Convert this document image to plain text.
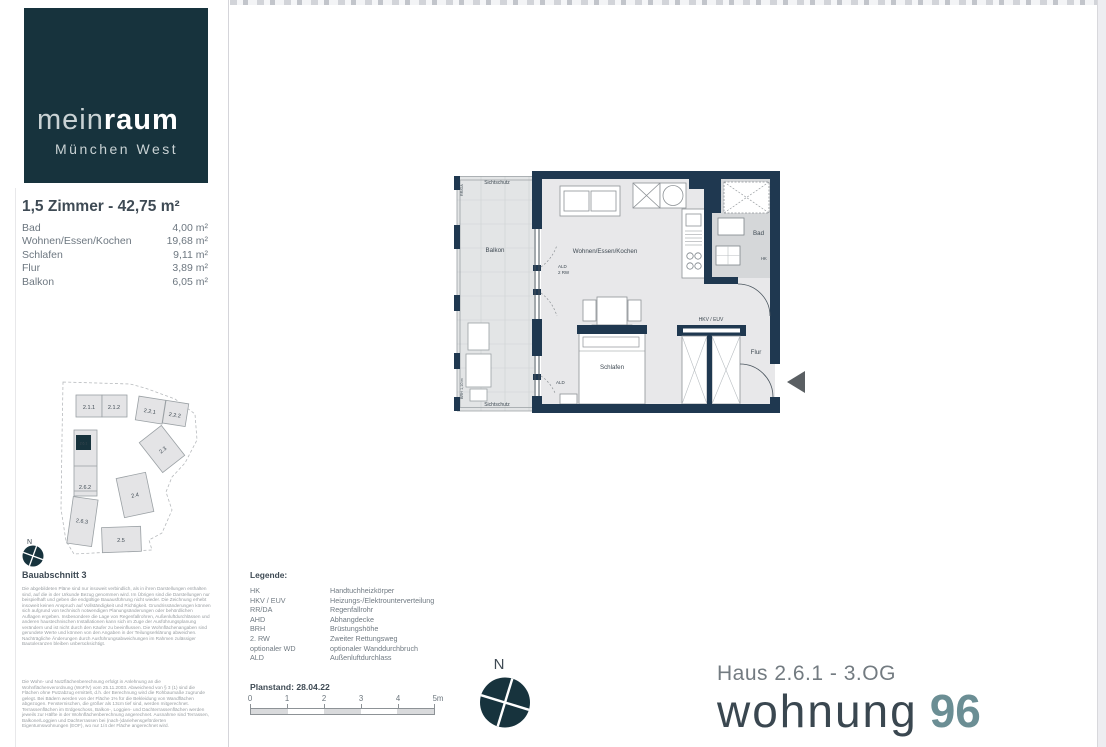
meinraum
München West
1,5 Zimmer - 42,75 m²
Bad	4,00 m²
Wohnen/Essen/Kochen	19,68 m²
Schlafen	9,11 m²
Flur	3,89 m²
Balkon	6,05 m²
2.1.1 2.1.2
2.2.1 2.2.2
2.3
2.4
2.5
2.6.2
2.6.3
2.6.1
N
Bauabschnitt 3

Die abgebildeten Pläne sind nur insoweit verbindlich, als in ihren Darstellungen enthalten sind, auf die in der Urkunde Bezug genommen wird. Im Übrigen sind die Darstellungen nur beispielhaft und geben die endgültige Bauausführung nicht wieder. Die Zeichnung erhebt insoweit keinen Anspruch auf Vollständigkeit und Richtigkeit. Grundrissänderungen können sich aufgrund von technisch notwendigen Planungsänderungen oder behördlichen Auflagen ergeben. Insbesondere die Lage von Regenfallrohren, Außenluftdurchlässen und anderen haustechnischen Installationen kann sich im Zuge der Ausführungsplanung verändern und ist nicht durch den Käufer zu beeinflussen. Die Wohnflächenangaben sind gerundete Werte und können von den Angaben in der Teilungserklärung abweichen. Nachträgliche Änderungen durch Ausführungsabweichungen im Rahmen zulässiger Bautoleranzen bleiben unberücksichtigt.

Die Wohn- und Nutzflächenberechnung erfolgt in Anlehnung an die Wohnflächenverordnung (WoFlV) vom 25.11.2003. Abweichend von § 3 (1) sind die Flächen ohne Putzabzug ermittelt, d.h. der Berechnung wird die Rohbaumaße zugrunde gelegt. Bei Bädern werden von der Fläche 1% für die Bekleidung von Wandflächen abgezogen. Fensternischen, die größer als 13cm tief sind, werden mitgerechnet. Terrassenflächen im Erdgeschoss, Balkon-, Loggien- und Dachterrassenflächen werden jeweils zur Hälfte in der Wohnflächenberechnung angerechnet. Ausnahme sind Terrassen, Balkone/Loggien und Dachterrassen bei (nach-)dariehensgeförderten Eigentumswohnungen (EOF), wo nur 1/4 der Fläche angerechnet wird.

Sichtschutz
Sichtschutz
RR/DA
BRH 1,10 m
Balkon	Wohnen/Essen/Kochen
Schlafen
Bad
HK
Flur
HKV / EUV
ALD
2 RW
ALD
Legende:
HK	Handtuchheizkörper
HKV / EUV	Heizungs-/Elektrounterverteilung
RR/DA	Regenfallrohr
AHD	Abhangdecke
BRH	Brüstungshöhe
2. RW	Zweiter Rettungsweg
optionaler WD	optionaler Wanddurchbruch
ALD	Außenluftdurchlass
Planstand: 28.04.22
0	1	2	3	4	5m
N	Haus 2.6.1 - 3.OG
wohnung 96
